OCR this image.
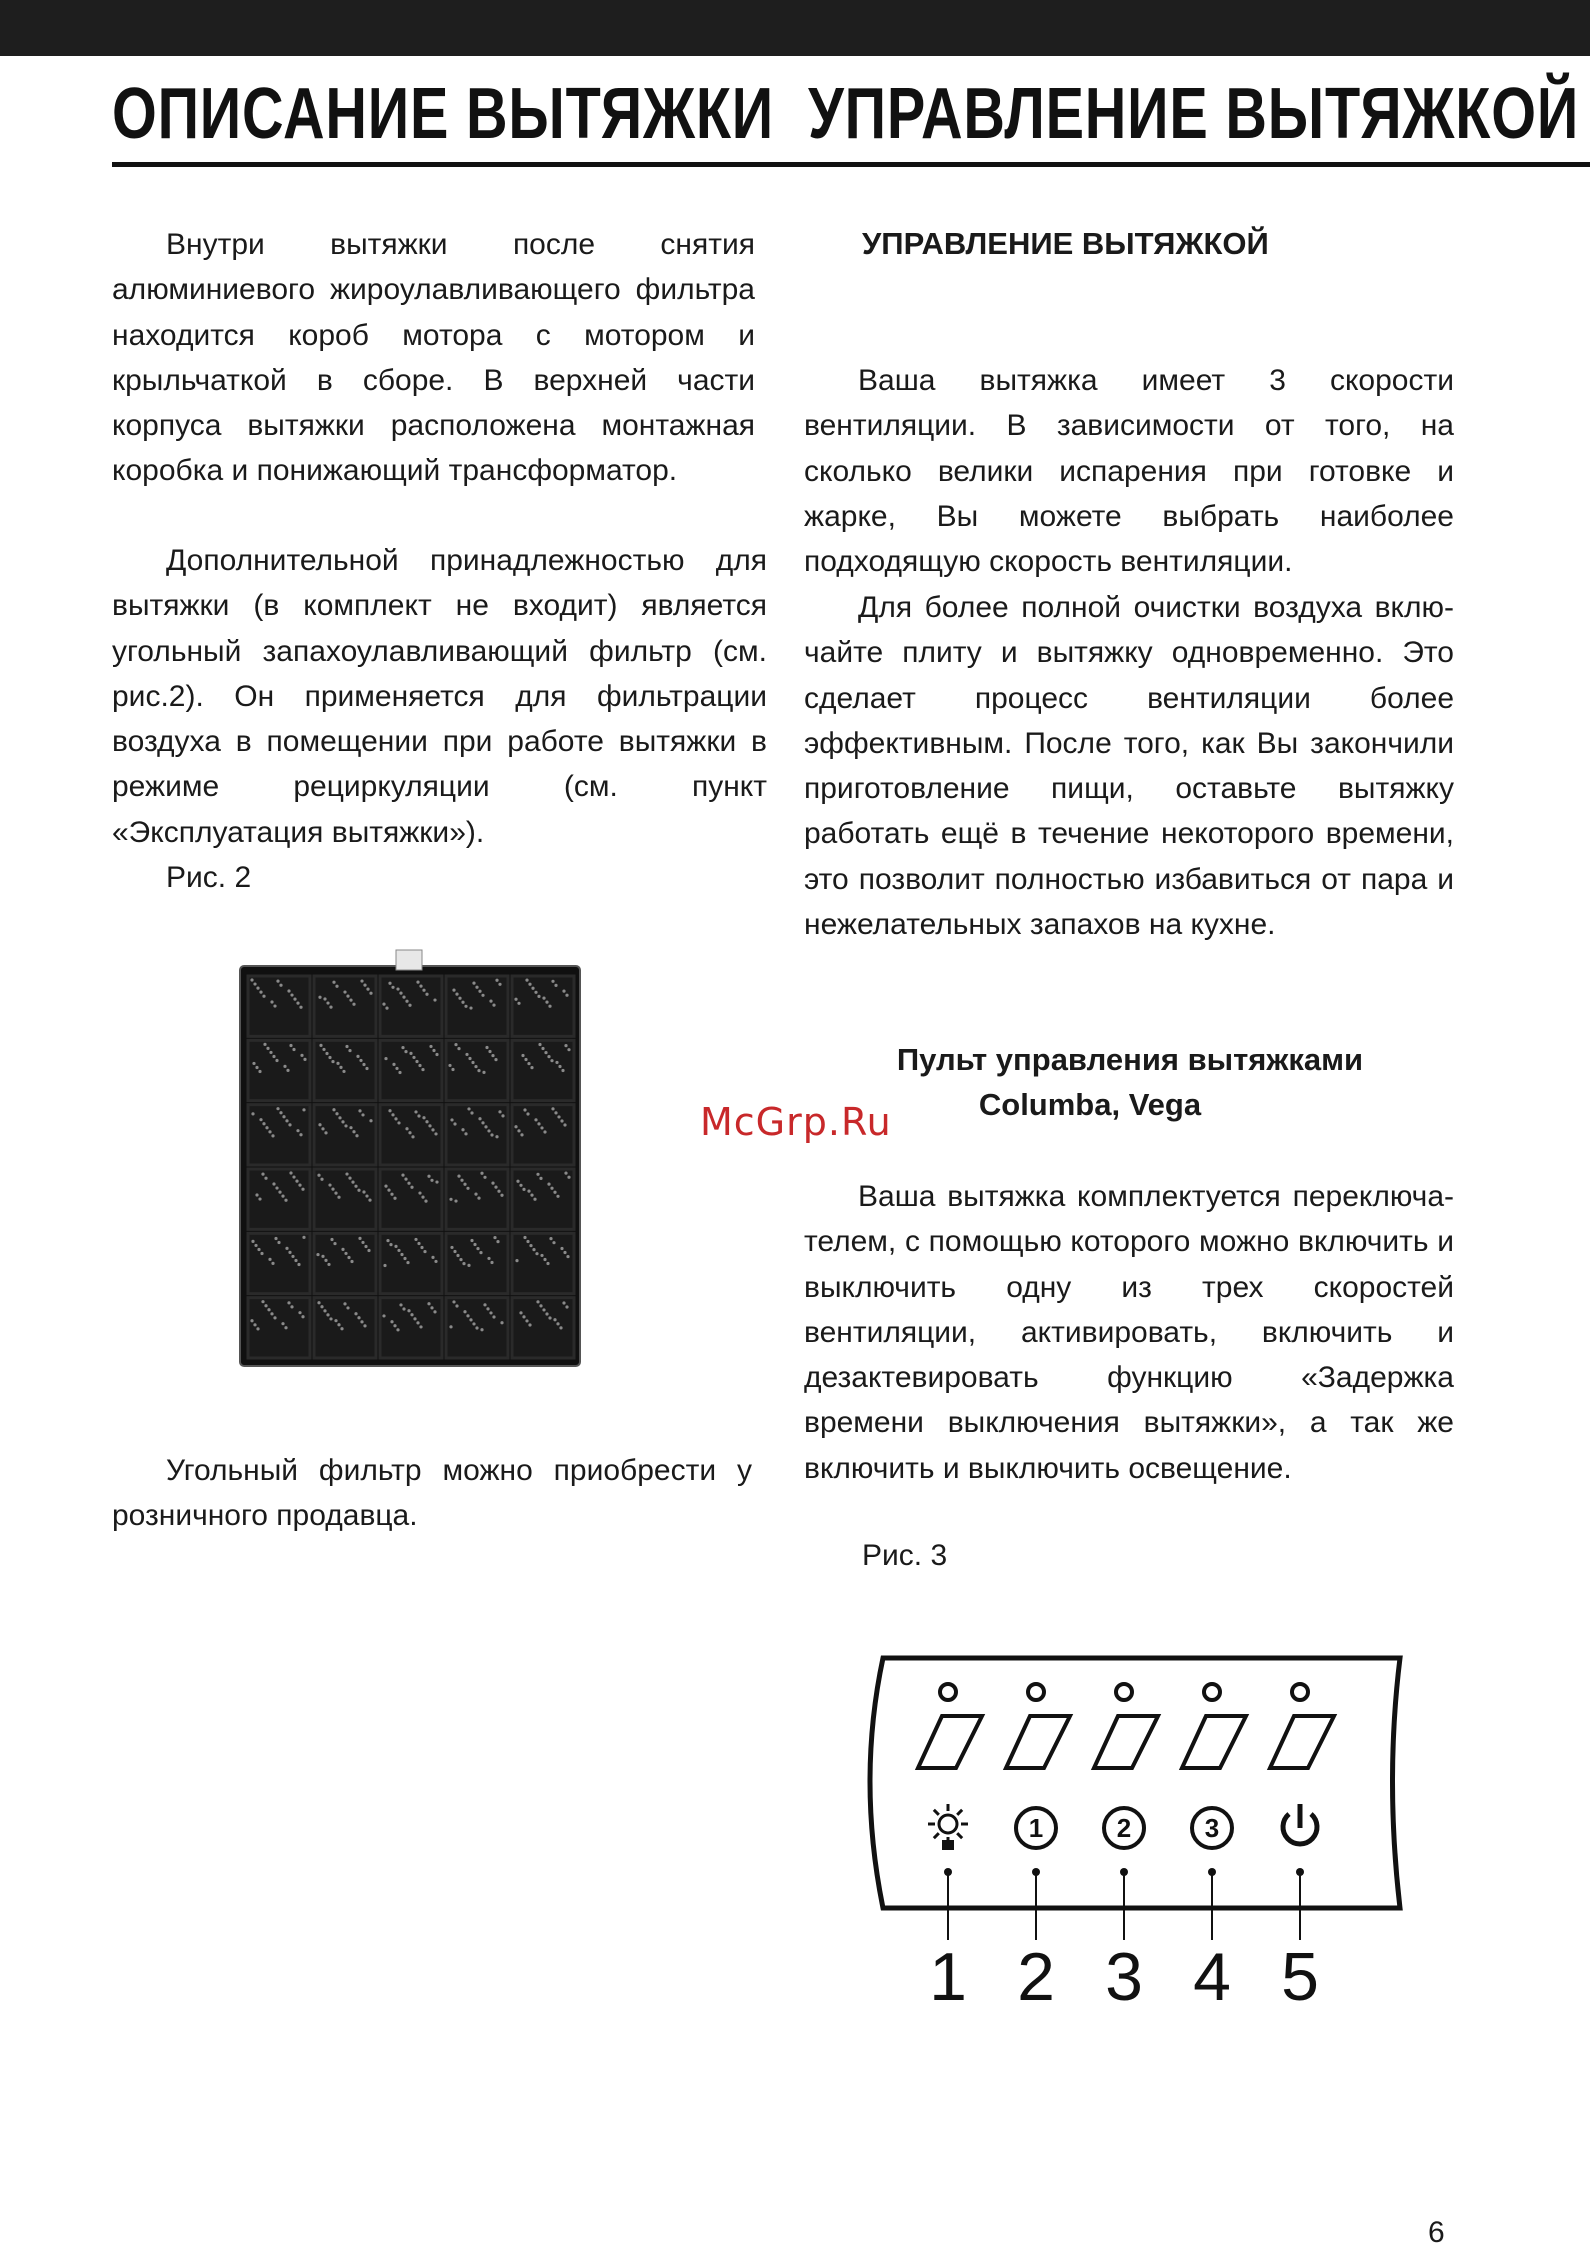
ОПИСАНИЕ ВЫТЯЖКИ УПРАВЛЕНИЕ ВЫТЯЖКОЙ
Внутри вытяжки после снятия алюминиевого жироулавливающего фильтра находится короб мотора с мотором и крыльчаткой в сборе. В верхней части корпуса вытяжки расположена монтажная коробка и понижающий трансформатор.
Дополнительной принадлежностью для вытяжки (в комплект не входит) является угольный запахоулавливающий фильтр (см. рис.2). Он применяется для фильтрации воздуха в помещении при работе вытяжки в режиме рециркуляции (см. пункт «Эксплуатация вытяжки»).
Рис. 2
Угольный фильтр можно приобрести у розничного продавца.
УПРАВЛЕНИЕ ВЫТЯЖКОЙ
Ваша вытяжка имеет 3 скорости вентиляции. В зависимости от того, на сколько велики испарения при готовке и жарке, Вы можете выбрать наиболее подходящую скорость вентиляции.
Для более полной очистки воздуха включайте плиту и вытяжку одновременно. Это сделает процесс вентиляции более эффективным. После того, как Вы закончили приготовление пищи, оставьте вытяжку работать ещё в течение некоторого времени, это позволит полностью избавиться от пара и нежелательных запахов на кухне.
Пульт управления вытяжками
Columba, Vega
Ваша вытяжка комплектуется переключателем, с помощью которого можно включить и выключить одну из трех скоростей вентиляции, активировать, включить и дезактевировать функцию «Задержка времени выключения вытяжки», а так же включить и выключить освещение.
Рис. 3
1
1
2
2
3
3
4 5
McGrp.Ru
6
